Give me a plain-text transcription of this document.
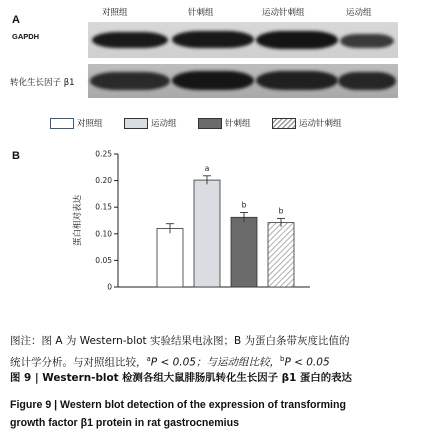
A
对照组	针刺组	运动针刺组	运动组
GAPDH
转化生长因子 β1
对照组	运动组	针刺组	运动针刺组
B	0.25
0.20
0.15
0.10
0.05
0
蛋白相对表达
a
b
b
图注：图 A 为 Western-blot 实验结果电泳图；B 为蛋白条带灰度比值的
统计学分析。与对照组比较，$^a$P < 0.05；与运动组比较，$^b$P < 0.05
图 9 | Western-blot 检测各组大鼠腓肠肌转化生长因子 β1 蛋白的表达
Figure 9 | Western blot detection of the expression of transforming
growth factor β1 protein in rat gastrocnemius
